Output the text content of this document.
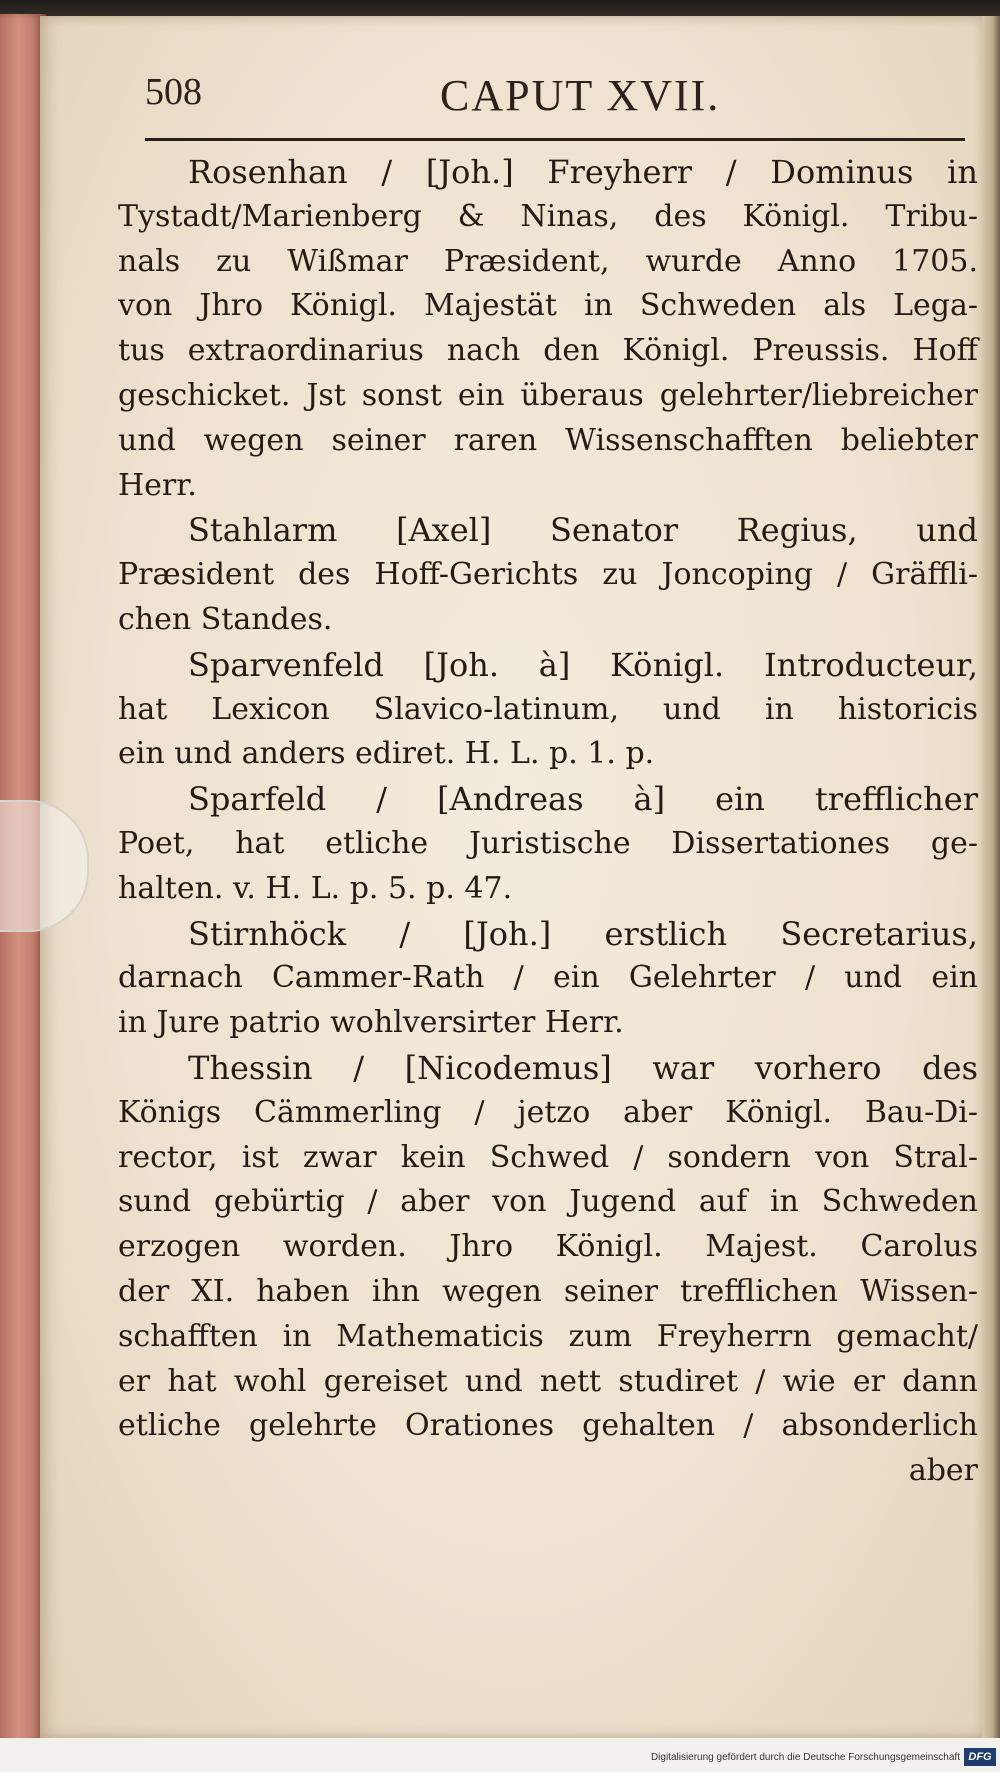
508	CAPUT XVII.
Rosenhan / [Joh.] Freyherr / Dominus in
Tystadt/Marienberg & Ninas, des Königl. Tribu-
nals zu Wißmar Præsident, wurde Anno 1705.
von Jhro Königl. Majestät in Schweden als Lega-
tus extraordinarius nach den Königl. Preussis. Hoff
geschicket. Jst sonst ein überaus gelehrter/liebreicher
und wegen seiner raren Wissenschafften beliebter
Herr.
Stahlarm [Axel] Senator Regius, und
Præsident des Hoff-Gerichts zu Joncoping / Gräffli-
chen Standes.
Sparvenfeld [Joh. à] Königl. Introducteur,
hat Lexicon Slavico-latinum, und in historicis
ein und anders ediret. H. L. p. 1. p.
Sparfeld / [Andreas à] ein trefflicher
Poet, hat etliche Juristische Dissertationes ge-
halten. v. H. L. p. 5. p. 47.
Stirnhöck / [Joh.] erstlich Secretarius,
darnach Cammer-Rath / ein Gelehrter / und ein
in Jure patrio wohlversirter Herr.
Thessin / [Nicodemus] war vorhero des
Königs Cämmerling / jetzo aber Königl. Bau-Di-
rector, ist zwar kein Schwed / sondern von Stral-
sund gebürtig / aber von Jugend auf in Schweden
erzogen worden. Jhro Königl. Majest. Carolus
der XI. haben ihn wegen seiner trefflichen Wissen-
schafften in Mathematicis zum Freyherrn gemacht/
er hat wohl gereiset und nett studiret / wie er dann
etliche gelehrte Orationes gehalten / absonderlich
aber
Digitalisierung gefördert durch die Deutsche Forschungsgemeinschaft DFG
